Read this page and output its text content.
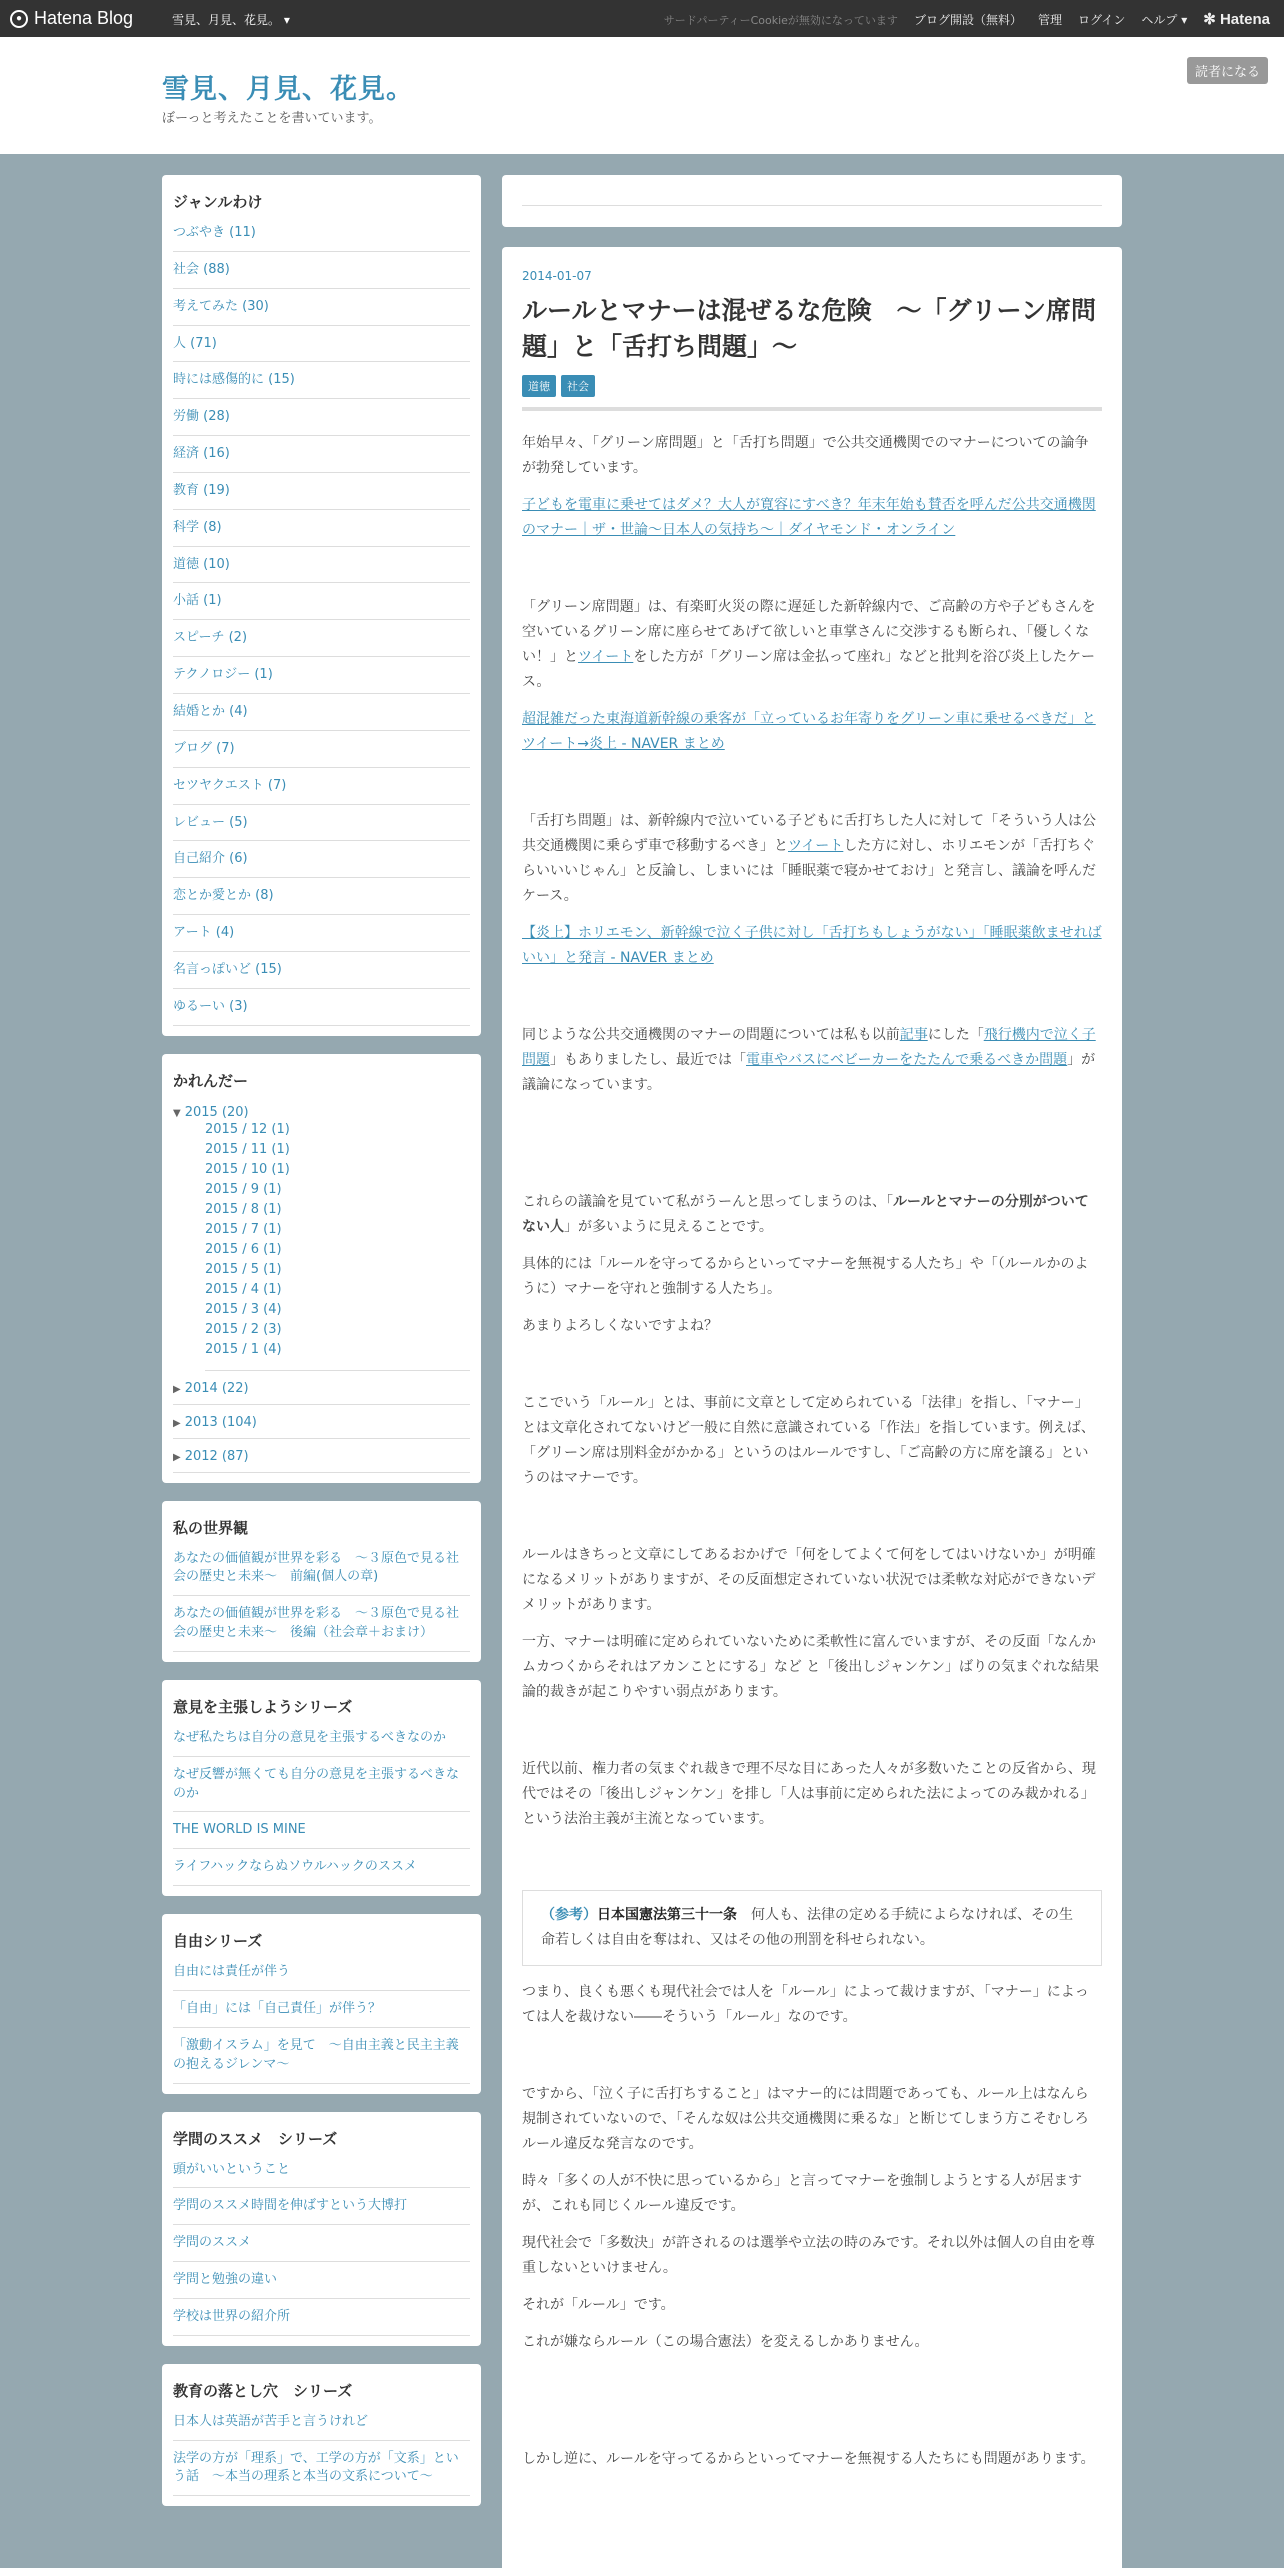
● Hatena Blog	雪見、月見、花見。 ▾	サードパーティーCookieが無効になっています ブログ開設（無料） 管理 ログイン ヘルプ ▾ ✻ Hatena
雪見、月見、花見。
ぼーっと考えたことを書いています。
読者になる
ジャンルわけ
つぶやき (11)
社会 (88)
考えてみた (30)
人 (71)
時には感傷的に (15)
労働 (28)
経済 (16)
教育 (19)
科学 (8)
道徳 (10)
小話 (1)
スピーチ (2)
テクノロジー (1)
結婚とか (4)
ブログ (7)
セツヤクエスト (7)
レビュー (5)
自己紹介 (6)
恋とか愛とか (8)
アート (4)
名言っぽいど (15)
ゆるーい (3)
かれんだー
▼ 2015 (20)
2015 / 12 (1)
2015 / 11 (1)
2015 / 10 (1)
2015 / 9 (1)
2015 / 8 (1)
2015 / 7 (1)
2015 / 6 (1)
2015 / 5 (1)
2015 / 4 (1)
2015 / 3 (4)
2015 / 2 (3)
2015 / 1 (4)
▶ 2014 (22)
▶ 2013 (104)
▶ 2012 (87)
私の世界観
あなたの価値観が世界を彩る　～３原色で見る社会の歴史と未来～　前編(個人の章)
あなたの価値観が世界を彩る　～３原色で見る社会の歴史と未来～　後編（社会章＋おまけ）
意見を主張しようシリーズ
なぜ私たちは自分の意見を主張するべきなのか
なぜ反響が無くても自分の意見を主張するべきなのか
THE WORLD IS MINE
ライフハックならぬソウルハックのススメ
自由シリーズ
自由には責任が伴う
「自由」には「自己責任」が伴う？
「激動イスラム」を見て　～自由主義と民主主義の抱えるジレンマ～
学問のススメ　シリーズ
頭がいいということ
学問のススメ時間を伸ばすという大博打
学問のススメ
学問と勉強の違い
学校は世界の紹介所
教育の落とし穴　シリーズ
日本人は英語が苦手と言うけれど
法学の方が「理系」で、工学の方が「文系」という話　～本当の理系と本当の文系について～
2014-01-07
ルールとマナーは混ぜるな危険　～「グリーン席問題」と「舌打ち問題」～
道徳	社会

年始早々、「グリーン席問題」と「舌打ち問題」で公共交通機関でのマナーについての論争が勃発しています。

子どもを電車に乗せてはダメ？大人が寛容にすべき？年末年始も賛否を呼んだ公共交通機関のマナー｜ザ・世論～日本人の気持ち～｜ダイヤモンド・オンライン

「グリーン席問題」は、有楽町火災の際に遅延した新幹線内で、ご高齢の方や子どもさんを空いているグリーン席に座らせてあげて欲しいと車掌さんに交渉するも断られ、「優しくない！」とツイートをした方が「グリーン席は金払って座れ」などと批判を浴び炎上したケース。

超混雑だった東海道新幹線の乗客が「立っているお年寄りをグリーン車に乗せるべきだ」とツイート→炎上 - NAVER まとめ

「舌打ち問題」は、新幹線内で泣いている子どもに舌打ちした人に対して「そういう人は公共交通機関に乗らず車で移動するべき」とツイートした方に対し、ホリエモンが「舌打ちぐらいいいじゃん」と反論し、しまいには「睡眠薬で寝かせておけ」と発言し、議論を呼んだケース。

【炎上】ホリエモン、新幹線で泣く子供に対し「舌打ちもしょうがない」「睡眠薬飲ませればいい」と発言 - NAVER まとめ

同じような公共交通機関のマナーの問題については私も以前記事にした「飛行機内で泣く子問題」もありましたし、最近では「電車やバスにベビーカーをたたんで乗るべきか問題」が議論になっています。

これらの議論を見ていて私がうーんと思ってしまうのは、「ルールとマナーの分別がついてない人」が多いように見えることです。

具体的には「ルールを守ってるからといってマナーを無視する人たち」や「（ルールかのように）マナーを守れと強制する人たち」。

あまりよろしくないですよね？

ここでいう「ルール」とは、事前に文章として定められている「法律」を指し、「マナー」とは文章化されてないけど一般に自然に意識されている「作法」を指しています。例えば、「グリーン席は別料金がかかる」というのはルールですし、「ご高齢の方に席を譲る」というのはマナーです。

ルールはきちっと文章にしてあるおかげで「何をしてよくて何をしてはいけないか」が明確になるメリットがありますが、その反面想定されていない状況では柔軟な対応ができないデメリットがあります。

一方、マナーは明確に定められていないために柔軟性に富んでいますが、その反面「なんかムカつくからそれはアカンことにする」など と「後出しジャンケン」ばりの気まぐれな結果論的裁きが起こりやすい弱点があります。

近代以前、権力者の気まぐれ裁きで理不尽な目にあった人々が多数いたことの反省から、現代ではその「後出しジャンケン」を排し「人は事前に定められた法によってのみ裁かれる」という法治主義が主流となっています。

（参考）日本国憲法第三十一条　何人も、法律の定める手続によらなければ、その生命若しくは自由を奪はれ、又はその他の刑罰を科せられない。

つまり、良くも悪くも現代社会では人を「ルール」によって裁けますが、「マナー」によっては人を裁けない――そういう「ルール」なのです。

ですから、「泣く子に舌打ちすること」はマナー的には問題であっても、ルール上はなんら規制されていないので、「そんな奴は公共交通機関に乗るな」と断じてしまう方こそむしろルール違反な発言なのです。

時々「多くの人が不快に思っているから」と言ってマナーを強制しようとする人が居ますが、これも同じくルール違反です。

現代社会で「多数決」が許されるのは選挙や立法の時のみです。それ以外は個人の自由を尊重しないといけません。

それが「ルール」です。

これが嫌ならルール（この場合憲法）を変えるしかありません。

しかし逆に、ルールを守ってるからといってマナーを無視する人たちにも問題があります。
